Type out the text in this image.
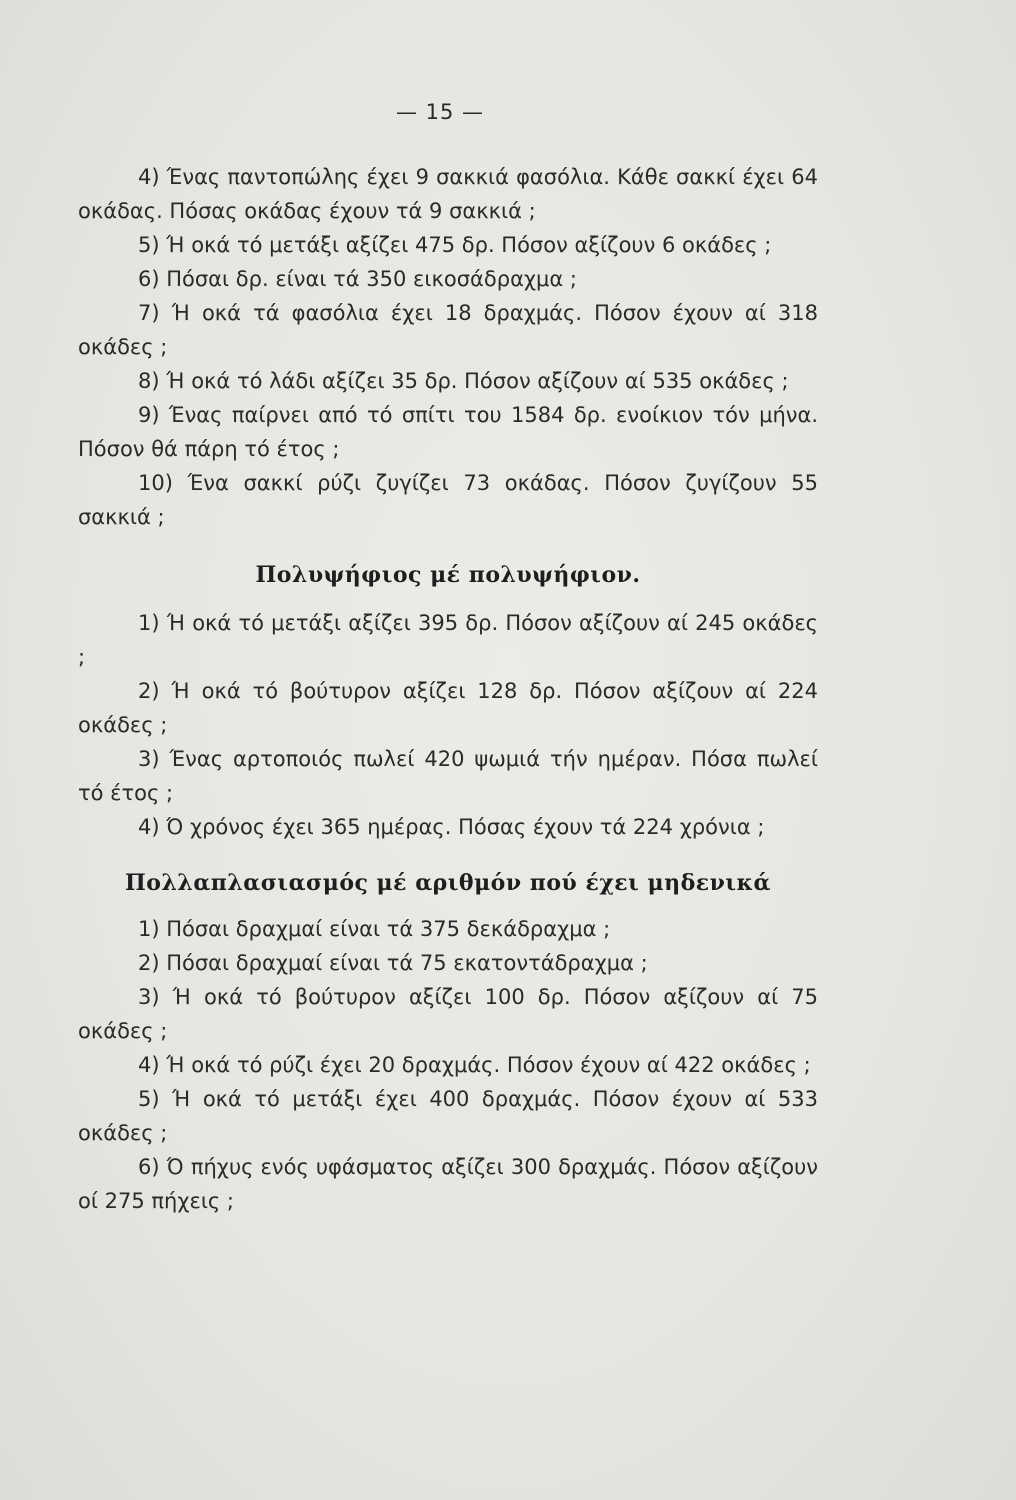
— 15 —

4) Ένας παντοπώλης έχει 9 σακκιά φασόλια. Κάθε σακκί έχει 64 οκάδας. Πόσας οκάδας έχουν τά 9 σακκιά ;

5) Ή οκά τό μετάξι αξίζει 475 δρ. Πόσον αξίζουν 6 οκάδες ;

6) Πόσαι δρ. είναι τά 350 εικοσάδραχμα ;

7) Ή οκά τά φασόλια έχει 18 δραχμάς. Πόσον έχουν αί 318 οκάδες ;

8) Ή οκά τό λάδι αξίζει 35 δρ. Πόσον αξίζουν αί 535 οκάδες ;

9) Ένας παίρνει από τό σπίτι του 1584 δρ. ενοίκιον τόν μήνα. Πόσον θά πάρη τό έτος ;

10) Ένα σακκί ρύζι ζυγίζει 73 οκάδας. Πόσον ζυγίζουν 55 σακκιά ;

Πολυψήφιος μέ πολυψήφιον.

1) Ή οκά τό μετάξι αξίζει 395 δρ. Πόσον αξίζουν αί 245 οκάδες ;

2) Ή οκά τό βούτυρον αξίζει 128 δρ. Πόσον αξίζουν αί 224 οκάδες ;

3) Ένας αρτοποιός πωλεί 420 ψωμιά τήν ημέραν. Πόσα πωλεί τό έτος ;

4) Ό χρόνος έχει 365 ημέρας. Πόσας έχουν τά 224 χρόνια ;

Πολλαπλασιασμός μέ αριθμόν πού έχει μηδενικά

1) Πόσαι δραχμαί είναι τά 375 δεκάδραχμα ;

2) Πόσαι δραχμαί είναι τά 75 εκατοντάδραχμα ;

3) Ή οκά τό βούτυρον αξίζει 100 δρ. Πόσον αξίζουν αί 75 οκάδες ;

4) Ή οκά τό ρύζι έχει 20 δραχμάς. Πόσον έχουν αί 422 οκάδες ;

5) Ή οκά τό μετάξι έχει 400 δραχμάς. Πόσον έχουν αί 533 οκάδες ;

6) Ό πήχυς ενός υφάσματος αξίζει 300 δραχμάς. Πόσον αξίζουν οί 275 πήχεις ;
